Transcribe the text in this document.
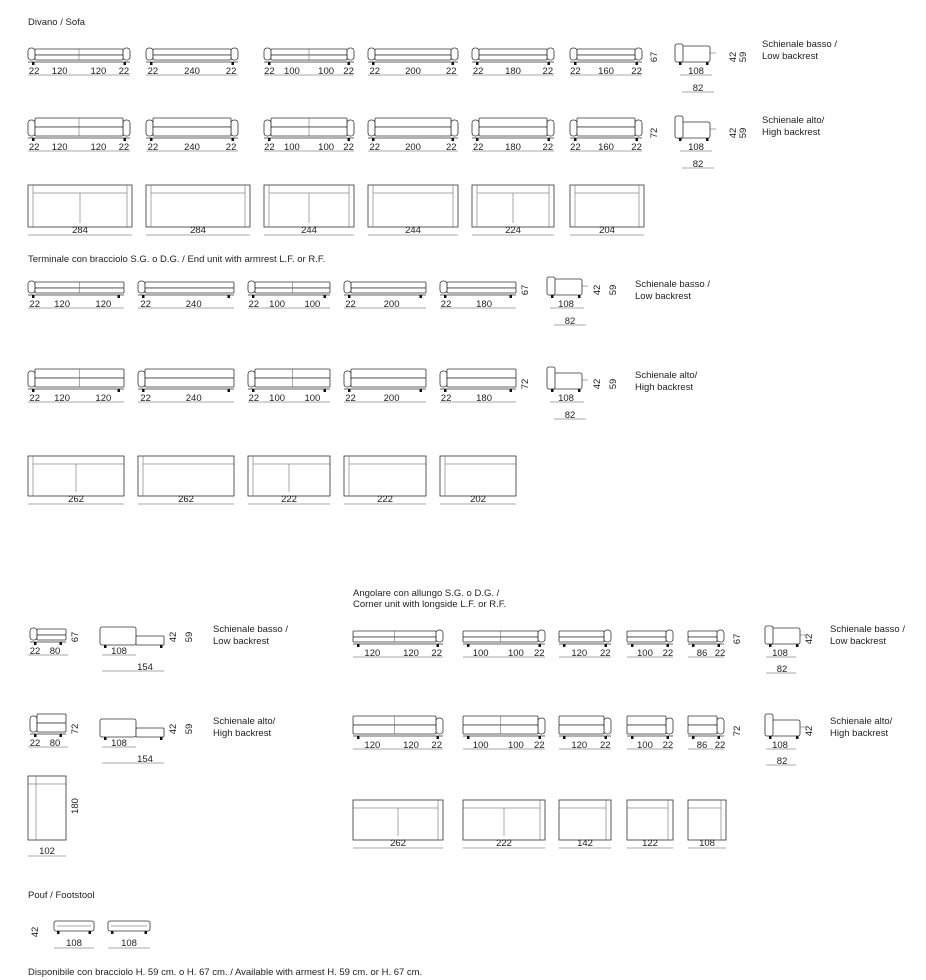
Divano / Sofa
Terminale con bracciolo S.G. o D.G. / End unit with armrest L.F. or R.F.
Angolare con allungo S.G. o D.G. /
Corner unit with longside L.F. or R.F.
Pouf / Footstool
Disponibile con bracciolo H. 59 cm. o H. 67 cm. / Available with armest H. 59 cm. or H. 67 cm.
Schienale basso /
Low backrest
Schienale alto/
High backrest
Schienale basso /
Low backrest
Schienale alto/
High backrest
Schienale basso /
Low backrest
Schienale alto/
High backrest
Schienale basso /
Low backrest
Schienale alto/
High backrest
22 120 120 22 22	240	22	22 100 100 22 22	200	22 22 180 22 22 160 22
67	42 59
108
82
22 120 120 22 22	240	22	22 100 100 22 22	200	22 22 180 22 22 160 22
72	42 59
108
82
284	284	244	244	224	204
22 120	120	22	240	22 100 100	22	200	22	180
67	42 59
108
82
22 120	120	22	240	22 100 100	22	200	22	180
72	42 59
108
82
262	262	222	222	202
22 80
67	42 59
108
154
22 80
72	42 59
108
154
102
180
120 120 22	100 100 22	120 22	100 22 86 22
67	42
108
82
120 120 22	100 100 22	120 22	100 22 86 22
72	42
108
82
262	222	142	122	108
42
108	108
